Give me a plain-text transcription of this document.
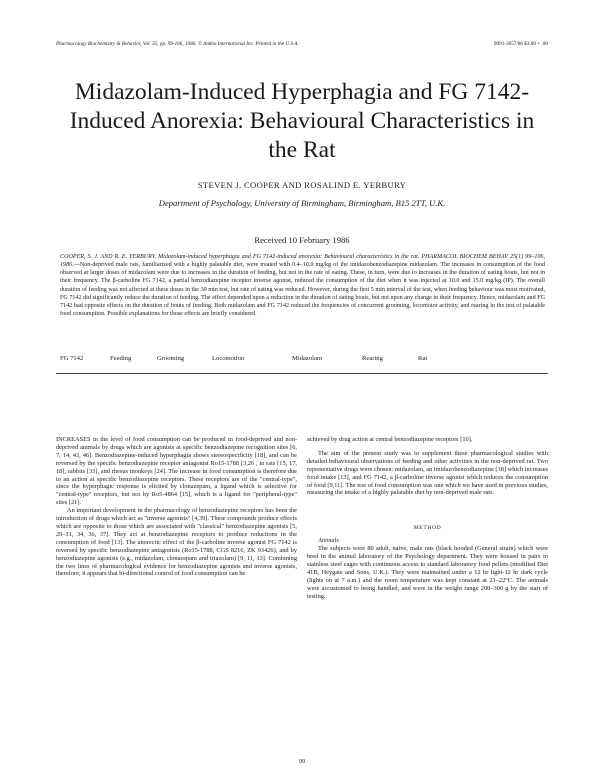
Pharmacology Biochemistry & Behavior, Vol. 25, pp. 99-106, 1986. © Ankho International Inc. Printed in the U.S.A.	0091-3057/86 $3.00 + .00
Midazolam-Induced Hyperphagia and FG 7142-Induced Anorexia: Behavioural Characteristics in the Rat
STEVEN J. COOPER AND ROSALIND E. YERBURY
Department of Psychology, University of Birmingham, Birmingham, B15 2TT, U.K.
Received 10 February 1986
COOPER, S. J. AND R. E. YERBURY. Midazolam-induced hyperphagia and FG 7142-induced anorexia: Behavioural characteristics in the rat. PHARMACOL BIOCHEM BEHAV 25(1) 99–106, 1986.—Non-deprived male rats, familiarized with a highly palatable diet, were treated with 0.4–10.0 mg/kg of the imidazobenzodiazepine midazolam. The increases in consumption of the food observed at larger doses of midazolam were due to increases in the duration of feeding, but not in the rate of eating. These, in turn, were due to increases in the duration of eating bouts, but not in their frequency. The β-carboline FG 7142, a partial benzodiazepine receptor inverse agonist, reduced the consumption of the diet when it was injected at 10.0 and 15.0 mg/kg (IP). The overall duration of feeding was not affected at these doses in the 30 min test, but rate of eating was reduced. However, during the first 5 min interval of the test, when feeding behaviour was most motivated, FG 7142 did significantly reduce the duration of feeding. The effect depended upon a reduction in the duration of eating bouts, but not upon any change in their frequency. Hence, midazolam and FG 7142 had opposite effects on the duration of bouts of feeding. Both midazolam and FG 7142 reduced the frequencies of concurrent grooming, locomotor activity, and rearing in the test of palatable food consumption. Possible explanations for those effects are briefly considered.
FG 7142	Feeding	Grooming	Locomotion	Midazolam	Rearing	Rat

INCREASES in the level of food consumption can be produced in food-deprived and non-deprived animals by drugs which are agonists at specific benzodiazepine recognition sites [6, 7, 14, 43, 46]. Benzodiazepine-induced hyperphagia shows stereospecificity [18], and can be reversed by the specific benzodiazepine receptor antagonist Ro15-1788 [3,26 , in rats [15, 17, 18], rabbits [33], and rhesus monkeys [24]. The increase in food consumption is therefore due to an action at specific benzodiazepine receptors. These receptors are of the "central-type", since the hyperphagic response is elicited by clonazepam, a ligand which is selective for "central-type" receptors, but not by Ro5-4864 [15], which is a ligand for "peripheral-type" sites [21].

An important development in the pharmacology of benzodiazepine receptors has been the introduction of drugs which act as "inverse agonists" [4,39]. These compounds produce effects which are opposite to those which are associated with "classical" benzodiazepine agonists [5, 29–31, 34, 36, 37]. They act at benzodiazepine receptors to produce reductions in the consumption of food [13]. The anorectic effect of the β-carboline inverse agonist FG 7142 is reversed by specific benzodiazepine antagonists (Ro15-1788, CGS 8216, ZK 93426), and by benzodiazepine agonists (e.g., midazolam, clonazepam and triazolam) [9, 11, 13]. Combining the two lines of pharmacological evidence for benzodiazepine agonists and inverse agonists, therefore, it appears that bi-directional control of food consumption can be

achieved by drug action at central benzodiazepine receptors [10].

The aim of the present study was to supplement these pharmacological studies with detailed behavioural observations of feeding and other activities in the non-deprived rat. Two representative drugs were chosen: midazolam, an imidazobenzodiazepine [38] which increases food intake [13], and FG 7142, a β-carboline inverse agonist which reduces the consumption of food [9,11]. The test of food consumption was one which we have used in previous studies, measuring the intake of a highly palatable diet by non-deprived male rats.

METHOD

Animals

The subjects were 80 adult, naive, male rats (black hooded (General strain) which were bred in the animal laboratory of the Psychology department. They were housed in pairs in stainless steel cages with continuous access to standard laboratory food pellets (modified Diet 41B, Heygate and Sons, U.K.). They were maintained under a 12 hr light-12 hr dark cycle (lights on at 7 a.m.) and the room temperature was kept constant at 21–22°C. The animals were accustomed to being handled, and were in the weight range 200–300 g by the start of testing.

99
